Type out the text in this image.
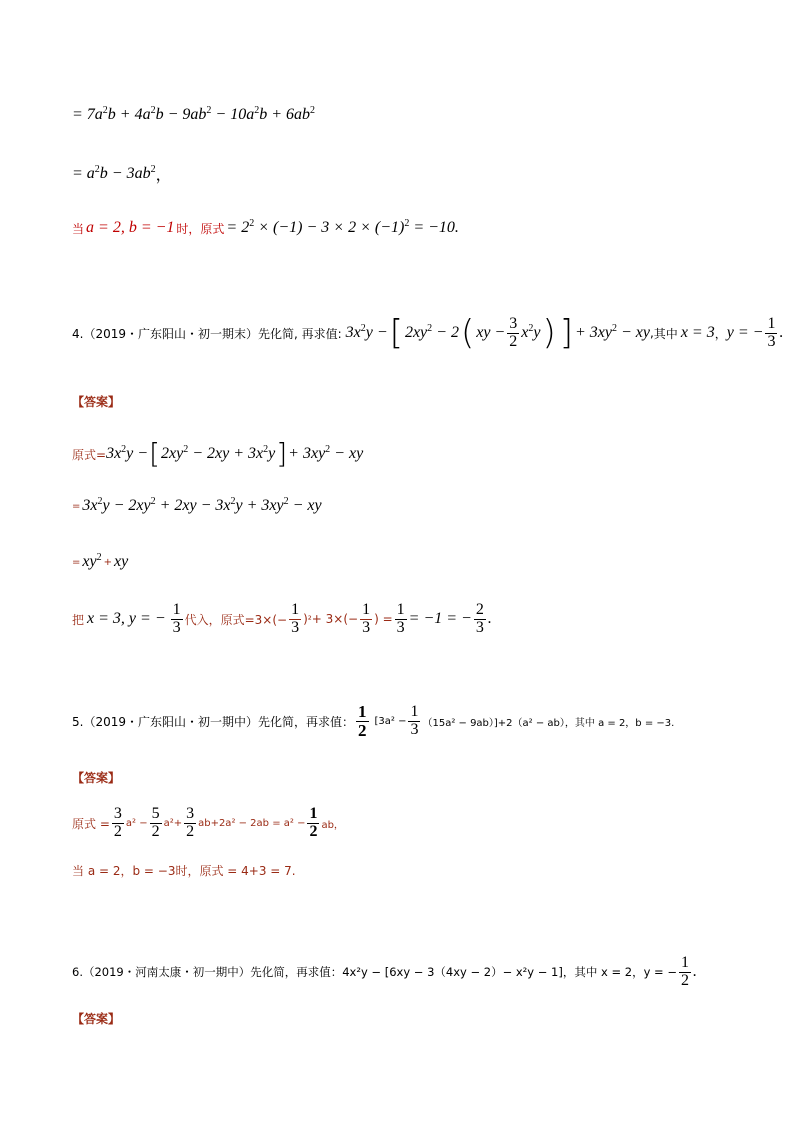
= $7a^2b + 4a^2b - 9ab^2 - 10a^2b + 6ab^2$
= $a^2b - 3ab^2$ ，
当 a = 2, b = −1 时，原式 = $2^2 \times (-1) - 3 \times 2 \times (-1)^2 = -10$ .
4.（2019・广东阳山・初一期末）先化简, 再求值: $3x^2y$ − [ $2xy^2 - 2$ ( xy − $\frac{3}{2} x^2y$ ) ] + $3xy^2$ − xy , 其中 x = 3 ， y = − $\frac{1}{3}$ .
【答案】
原式= $3x^2y$ − [ $2xy^2 - 2xy + 3x^2y$ ] + $3xy^2$ − xy
= $3x^2y - 2xy^2 + 2xy - 3x^2y + 3xy^2$ − xy
= $xy^2$ + xy
把 x = 3, y = − $\frac{1}{3}$ 代入，原式$=3\times(- \frac{1}{3} )^2+ 3\times(- \frac{1}{3}$ ) = $\frac{1}{3} = -1$ = − $\frac{2}{3}$ .
5.（2019・广东阳山・初一期中）先化简，再求值： $\frac{1}{2} [3a^2 - \frac{1}{3} (15a^2 - 9ab)]+2(a^2 - ab)$，其中 a = 2，b = −3.
【答案】
原式 = $\frac{3}{2} a^2 - \frac{5}{2} a^2+ \frac{3}{2} ab+2a^2 - 2ab = a^2 - \frac{1}{2}$ ab，
当 a = 2，b = −3时，原式 = 4+3 = 7.
6.（2019・河南太康・初一期中）先化简，再求值：4x²y − [6xy − 3（4xy − 2）− x²y − 1]，其中 x = 2，y = − $\frac{1}{2}$ .
【答案】
